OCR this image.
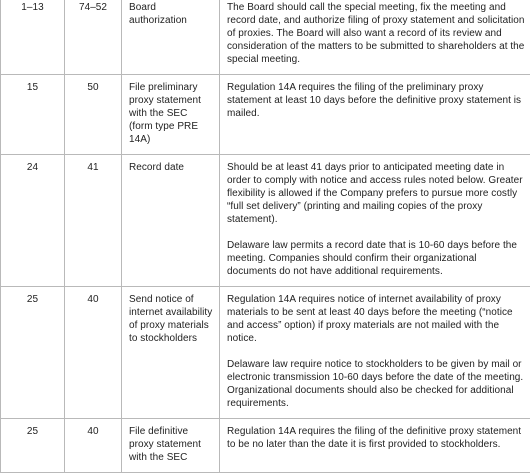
1–13	74–52	Board authorization	The Board should call the special meeting, fix the meeting and record date, and authorize filing of proxy statement and solicitation of proxies. The Board will also want a record of its review and consideration of the matters to be submitted to shareholders at the special meeting.

15	50	File preliminary proxy statement with the SEC (form type PRE 14A)	Regulation 14A requires the filing of the preliminary proxy statement at least 10 days before the definitive proxy statement is mailed.

24	41	Record date	Should be at least 41 days prior to anticipated meeting date in order to comply with notice and access rules noted below. Greater flexibility is allowed if the Company prefers to pursue more costly “full set delivery” (printing and mailing copies of the proxy statement).

Delaware law permits a record date that is 10-60 days before the meeting. Companies should confirm their organizational documents do not have additional requirements.

25	40	Send notice of internet availability of proxy materials to stockholders	Regulation 14A requires notice of internet availability of proxy materials to be sent at least 40 days before the meeting (“notice and access” option) if proxy materials are not mailed with the notice.

Delaware law require notice to stockholders to be given by mail or electronic transmission 10-60 days before the date of the meeting. Organizational documents should also be checked for additional requirements.

25	40	File definitive proxy statement with the SEC	Regulation 14A requires the filing of the definitive proxy statement to be no later than the date it is first provided to stockholders.
